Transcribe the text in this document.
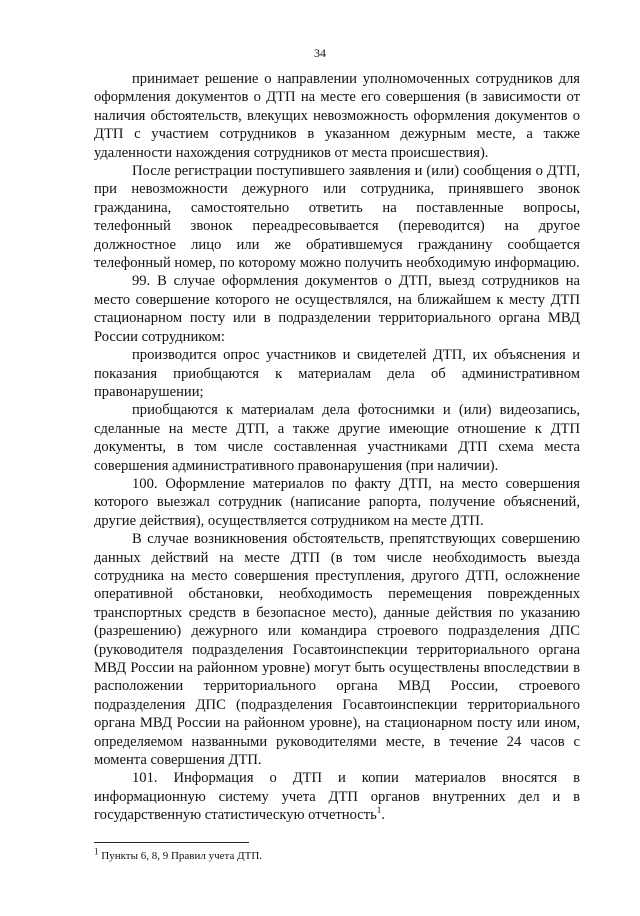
34

принимает решение о направлении уполномоченных сотрудников для оформления документов о ДТП на месте его совершения (в зависимости от наличия обстоятельств, влекущих невозможность оформления документов о ДТП с участием сотрудников в указанном дежурным месте, а также удаленности нахождения сотрудников от места происшествия).

После регистрации поступившего заявления и (или) сообщения о ДТП, при невозможности дежурного или сотрудника, принявшего звонок гражданина, самостоятельно ответить на поставленные вопросы, телефонный звонок переадресовывается (переводится) на другое должностное лицо или же обратившемуся гражданину сообщается телефонный номер, по которому можно получить необходимую информацию.

99. В случае оформления документов о ДТП, выезд сотрудников на место совершение которого не осуществлялся, на ближайшем к месту ДТП стационарном посту или в подразделении территориального органа МВД России сотрудником:

производится опрос участников и свидетелей ДТП, их объяснения и показания приобщаются к материалам дела об административном правонарушении;

приобщаются к материалам дела фотоснимки и (или) видеозапись, сделанные на месте ДТП, а также другие имеющие отношение к ДТП документы, в том числе составленная участниками ДТП схема места совершения административного правонарушения (при наличии).

100. Оформление материалов по факту ДТП, на место совершения которого выезжал сотрудник (написание рапорта, получение объяснений, другие действия), осуществляется сотрудником на месте ДТП.

В случае возникновения обстоятельств, препятствующих совершению данных действий на месте ДТП (в том числе необходимость выезда сотрудника на место совершения преступления, другого ДТП, осложнение оперативной обстановки, необходимость перемещения поврежденных транспортных средств в безопасное место), данные действия по указанию (разрешению) дежурного или командира строевого подразделения ДПС (руководителя подразделения Госавтоинспекции территориального органа МВД России на районном уровне) могут быть осуществлены впоследствии в расположении территориального органа МВД России, строевого подразделения ДПС (подразделения Госавтоинспекции территориального органа МВД России на районном уровне), на стационарном посту или ином, определяемом названными руководителями месте, в течение 24 часов с момента совершения ДТП.

101. Информация о ДТП и копии материалов вносятся в информационную систему учета ДТП органов внутренних дел и в государственную статистическую отчетность$^1$.

$^1$ Пункты 6, 8, 9 Правил учета ДТП.
